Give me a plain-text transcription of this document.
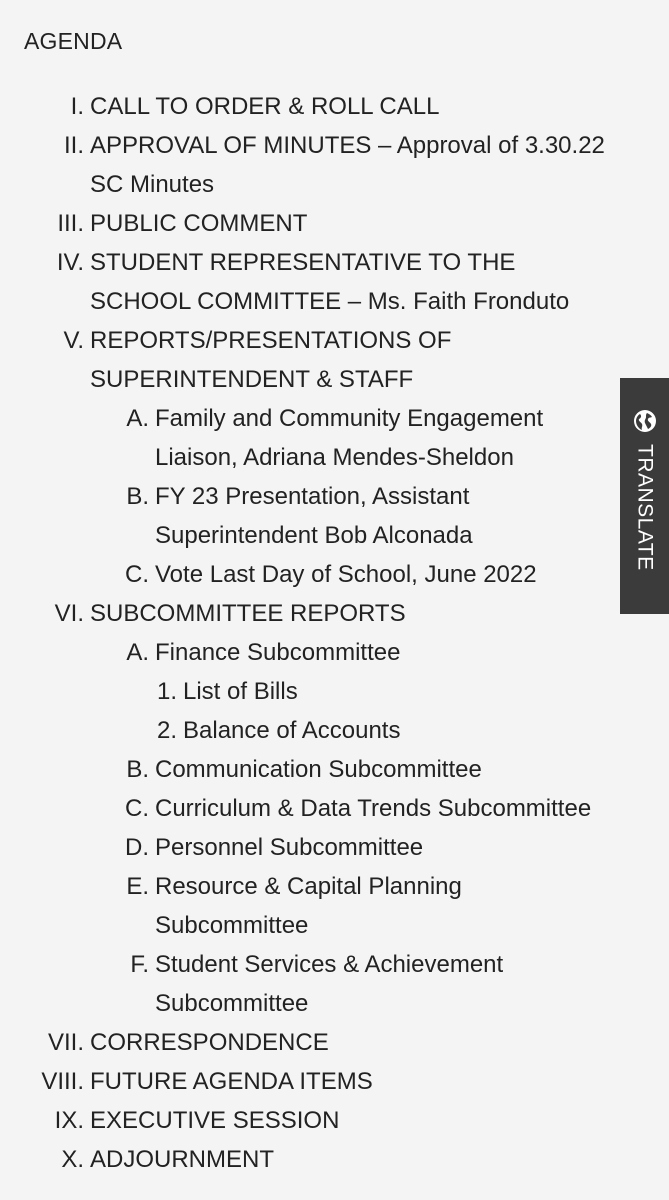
AGENDA
I. CALL TO ORDER & ROLL CALL
II. APPROVAL OF MINUTES – Approval of 3.30.22 SC Minutes
III. PUBLIC COMMENT
IV. STUDENT REPRESENTATIVE TO THE SCHOOL COMMITTEE – Ms. Faith Fronduto
V. REPORTS/PRESENTATIONS OF SUPERINTENDENT & STAFF
A. Family and Community Engagement Liaison, Adriana Mendes-Sheldon
B. FY 23 Presentation, Assistant Superintendent Bob Alconada
C. Vote Last Day of School, June 2022
VI. SUBCOMMITTEE REPORTS
A. Finance Subcommittee
1. List of Bills
2. Balance of Accounts
B. Communication Subcommittee
C. Curriculum & Data Trends Subcommittee
D. Personnel Subcommittee
E. Resource & Capital Planning Subcommittee
F. Student Services & Achievement Subcommittee
VII. CORRESPONDENCE
VIII. FUTURE AGENDA ITEMS
IX. EXECUTIVE SESSION
X. ADJOURNMENT
TRANSLATE
